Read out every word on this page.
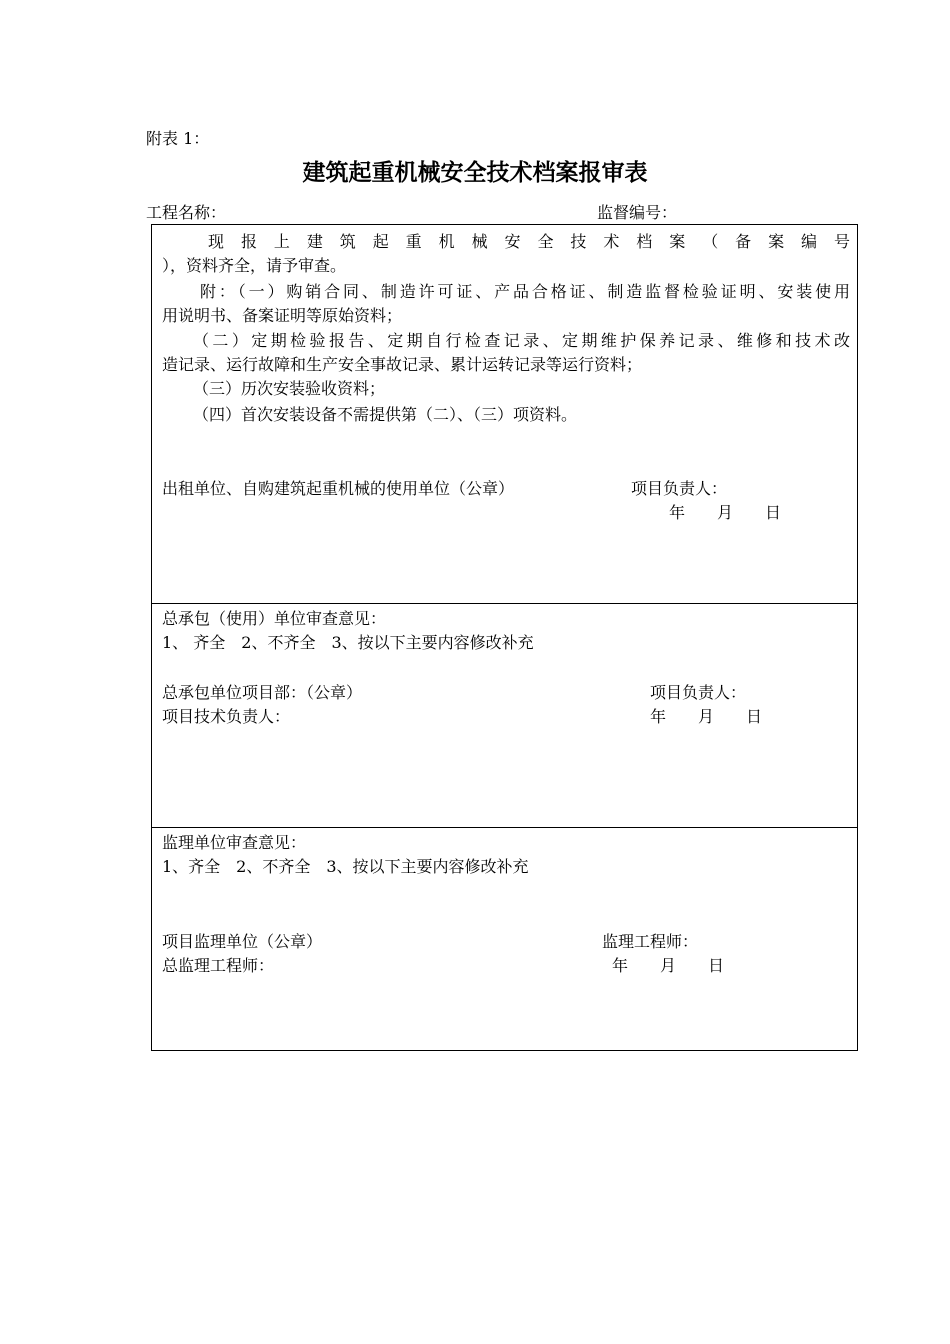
附表 1：
建筑起重机械安全技术档案报审表
工程名称：	监督编号：
现 报 上 建 筑 起 重 机 械 安 全 技 术 档 案 （ 备 案 编 号
），资料齐全，请予审查。
附：（一）购销合同、制造许可证、产品合格证、制造监督检验证明、安装使用
用说明书、备案证明等原始资料；
（二）定期检验报告、定期自行检查记录、定期维护保养记录、维修和技术改
造记录、运行故障和生产安全事故记录、累计运转记录等运行资料；
（三）历次安装验收资料；
（四）首次安装设备不需提供第（二）、（三）项资料。
出租单位、自购建筑起重机械的使用单位（公章）	项目负责人：
年　　月　　日
总承包（使用）单位审查意见：
1、 齐全　2、不齐全　3、按以下主要内容修改补充
总承包单位项目部：（公章）	项目负责人：
项目技术负责人：	年　　月　　日
监理单位审查意见：
1、齐全　2、不齐全　3、按以下主要内容修改补充
项目监理单位（公章）	监理工程师：
总监理工程师：	年　　月　　日
